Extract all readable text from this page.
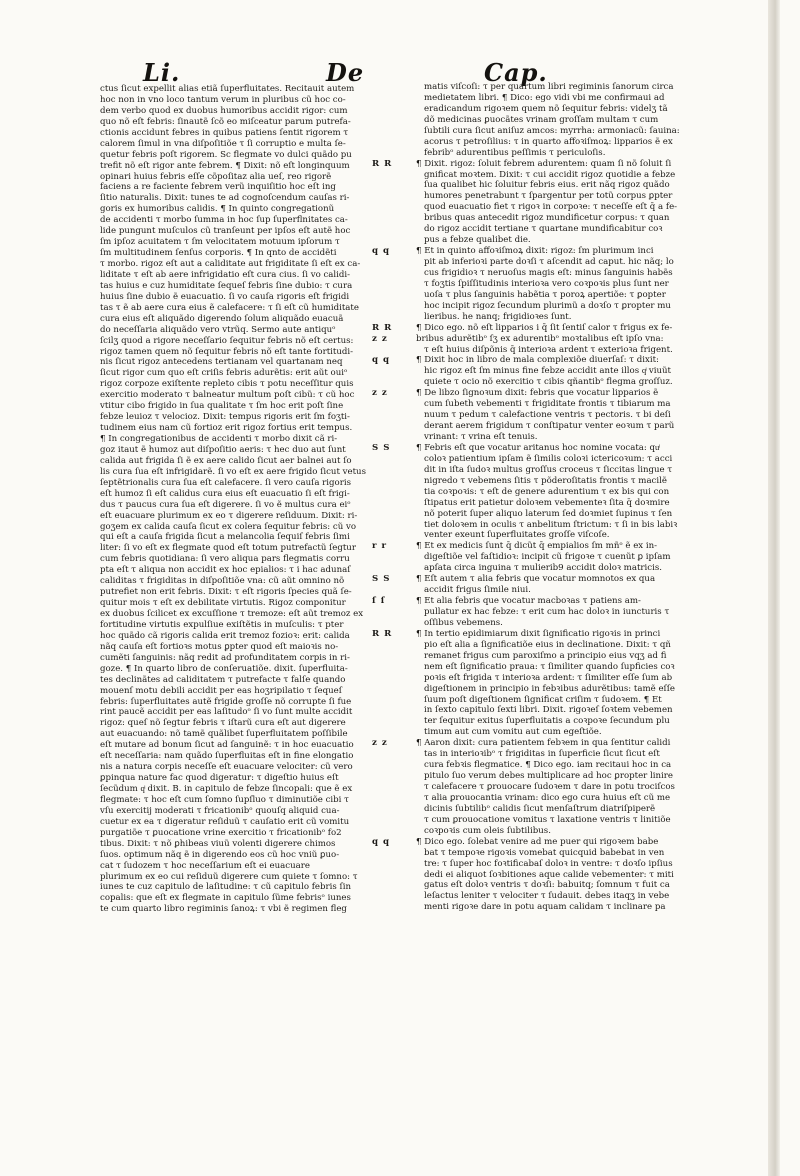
Li.	De	Cap.
ctus ſicut expellit alias etiã ſuperfluitates. Recitauit autem
hoc non in vno loco tantum verum in pluribus cũ hoc co-
dem verbo quod ex duobus humoribus accidit rigor: cum
quo nõ eſt febris: ſinautẽ ſcõ eo miſceatur parum putrefa-
ctionis accidunt febres in quibus patiens ſentit rigorem τ
calorem ſimul in vna diſpoſitiõe τ ſi corruptio e multa ſe-
quetur febris poſt rigorem. Sc flegmate vo dulci quãdo pu
trefit nõ eſt rigor ante febrem. ¶ Dixit: nõ eſt longinquum
opinari huius febris eſſe cõpoſitaz alia ueſ, reo rigorẽ
faciens a re faciente febrem verũ inquiſitio hoc eſt ing
ſitio naturalis. Dixit: tunes te ad cognoſcendum cauſas ri-
goris ex humoribus calidis. ¶ In quinto congregationũ
de accidenti τ morbo ſumma in hoc ſup ſuperflnitates ca-
lide pungunt muſculos cũ tranſeunt per ipſos eſt autẽ hoc
ſm ipſoz acuitatem τ ſm velocitatem motuum ipſorum τ
ſm multitudinem ſenſus corporis. ¶ In qnto de accidẽti
τ morbo. rigoz eſt aut a caliditate aut frigiditate ſi eſt ex ca-
liditate τ eſt ab aere infrigidatio eſt cura cius. ſi vo calidi-
tas huius e cuz humiditate ſequeſ febris ſine dubio: τ cura
huius ſine dubio ẽ euacuatio. ſi vo cauſa rigoris eſt frigidi
tas τ ẽ ab aere cura eius ẽ calefacere: τ ſi eſt cũ humiditate
cura eius eſt aliquãdo digerendo ſolum aliquãdo euacuã
do neceſſaria aliquãdo vero vtrũq. Sermo aute antiquᵒ
ſcilʒ quod a rigore neceſſario ſequitur febris nõ eſt certus:
rigoz tamen quem nõ ſequitur febris nõ eſt tante fortitudi-
nis ſicut rigoz antecedens tertianam vel quartanam neq
ſicut rigor cum quo eſt criſis febris adurẽtis: erit aũt ouiᵒ
rigoz corpoze exiſtente repleto cibis τ potu neceſſitur quis
exercitio moderato τ balneatur multum poſt cibũ: τ cũ hoc
vtitur cibo frigido in ſua qualitate τ ſm hoc erit poſt ſine
febze leuioz τ velocioz. Dixit: tempus rigoris erit ſm foʒti-
tudinem eius nam cũ fortioz erit rigoz fortius erit tempus.
¶ In congregationibus de accidenti τ morbo dixit cã ri-
goz itaut ẽ humoz aut diſpoſitio aeris: τ hec duo aut ſunt
calida aut frigida ſi ẽ ex aere calido ſicut aer balnei aut ſo
lis cura ſua eſt infrigidarẽ. ſi vo eſt ex aere frigido ſicut vetus
ſeptẽtrionalis cura ſua eſt calefacere. ſi vero cauſa rigoris
eſt humoz ſi eſt calidus cura eius eſt euacuatio ſi eſt frigi-
dus τ paucus cura ſua eſt digerere. ſi vo ẽ multus cura eiᵒ
eſt euacuare plurimum ex eo τ digerere reſiduum. Dixit: ri-
goʒem ex calida cauſa ſicut ex colera ſequitur febris: cũ vo
qui eſt a cauſa frigida ſicut a melancolia ſequiſ febris ſimi
liter: ſi vo eſt ex flegmate quod eſt totum putrefactũ ſegtur
cum febris quotidiana: ſi vero aliqua pars flegmatis corru
pta eſt τ aliqua non accidit ex hoc epialios: τ i hac adunaſ
caliditas τ frigiditas in diſpoſitiõe vna: cũ aũt omnino nõ
putrefiet non erit febris. Dixit: τ eſt rigoris ſpecies quã ſe-
quitur mois τ eſt ex debilitate virtutis. Rigoz componitur
ex duobus ſcilicet ex excuſſione τ tremoze: eſt aũt tremoz ex
fortitudine virtutis expulſiue exiſtẽtis in muſculis: τ pter
hoc quãdo cã rigoris calida erit tremoz fozioꝛ: erit: calida
nãq cauſa eſt fortioꝛs motus ꝑpter quod eſt maioꝛis no-
cumẽti ſanguinis: nãq redit ad profunditatem corpis in ri-
goze. ¶ In quarto libro de conſeruatiõe. dixit. ſuperfluita-
tes declinãtes ad caliditatem τ putrefacte τ falſe quando
mouenſ motu debili accidit per eas hoʒripilatio τ ſequeſ
febris: ſuperfluitates autẽ frigide groſſe nõ corrupte ſi fue
rint paucẽ accidit per eas laſitudoᵒ ſi vo ſunt multe accidit
rigoz: queſ nõ ſegtur febris τ iſtarũ cura eſt aut digerere
aut euacuando: nõ tamẽ quãlibet ſuperfluitatem poſſibile
eſt mutare ad bonum ſicut ad ſanguinẽ: τ in hoc euacuatio
eſt neceſſaria: nam quãdo ſuperfluitas eſt in fine elongatio
nis a natura corpis neceſſe eſt euacuare velociter: cũ vero
ꝑpinqua nature fac quod digeratur: τ digeſtio huius eſt
ſecũdum qͥ dixit. B. in capitulo de febze ſincopali: que ẽ ex
flegmate: τ hoc eſt cum ſomno ſupſluo τ diminutiõe cibi τ
vſu exercitij moderati τ fricationibᵒ quouſq aliquid cua-
cuetur ex ea τ digeratur reſiduũ τ cauſatio erit cũ vomitu
purgatiõe τ ꝑuocatione vrine exercitio τ fricationibᵒ fo2
tibus. Dixit: τ nõ ꝑhibeas viuũ volenti digerere chimos
ſuos. optimum nãq ẽ in digerendo eos cũ hoc vniũ ꝑuo-
cat τ ſudozem τ hoc neceſſarium eſt ei euacuare
plurimum ex eo cui reſiduũ digerere cum quiete τ ſomno: τ
iunes te cuz capitulo de laſitudine: τ cũ capitulo febris ſin
copalis: que eſt ex flegmate in capitulo ſũme febrisᵒ iunes
te cum quarto libro regiminis ſanoꝝ: τ vbi ẽ regimen fleg
matis viſcoſi: τ per quartum libri regiminis ſanorum circa
medietatem libri. ¶ Dico: ego vidi vbi me confirmaui ad
eradicandum rigoꝛem quem nõ ſequitur febris: videlʒ tã
dõ medicinas ꝑuocãtes vrinam groſſam multam τ cum
ſubtili cura ſicut aniſuz amcos: myrrha: armoniacũ: ſauina:
acorus τ petroſilius: τ in quarto affoꝛiſmoꝝ: lipparios ẽ ex
febribᵒ adurentibus peſſimis τ periculoſis.
R R	¶ Dixit. rigoz: ſoluit febrem adurentem: quam ſi nõ ſoluit ſi
gnificat moꝛtem. Dixit: τ cui accidit rigoz quotidie a febze
ſua qualibet hic ſoluitur febris eius. erit nãq rigoz quãdo
humores penetrabunt τ ſpargentur per totũ corpus ꝑpter
quod euacuatio fiet τ rigoꝛ in corpoꝛe: τ neceſſe eſt q̄ a fe-
bribus quas antecedit rigoz mundificetur corpus: τ quan
do rigoz accidit tertiane τ quartane mundificabitur coꝛ
pus a febze qualibet die.
q q	¶ Et in quinto affoꝛiſmoꝝ dixit: rigoz: ſm plurimum inci
pit ab inferioꝛi parte doꝛſi τ aſcendit ad caput. hic nãq; lo
cus frigidioꝛ τ neruoſus magis eſt: minus ſanguinis habẽs
τ foʒtis ſpiſſitudinis interioꝛa vero coꝛpoꝛis plus ſunt ner
uoſa τ plus ſanguinis habẽtia τ poroꝝ apertiõe: τ ꝑopter
hoc incipit rigoz ſecundum plurimũ a doꝛſo τ ꝑropter mu
lieribus. he nanq; frigidioꝛes ſunt.
R R	¶ Dico ego. nõ eſt lipparios i q̄ ſit ſentiſ calor τ frigus ex fe-
z z	bribus adurẽtibᵒ ſʒ ex adurentibᵒ moꝛtalibus eſt ipſo vna:
τ eſt huius diſpõnis q̄ interioꝛa ardent τ exterioꝛa frigent.
q q	¶ Dixit hoc in libro de mala complexiõe diuerſaſ: τ dixit:
hic rigoz eſt ſm minus fine febze accidit ante illos qͥ viuũt
quiete τ ocio nõ exercitio τ cibis qñantibᵒ flegma groſſuz.
z z	¶ De libzo ſignoꝛum dixit: febris que vocatur lipparios ẽ
cum ſubeth vebementi τ frigiditate frontis τ tibiarum ma
nuum τ pedum τ calefactione ventris τ pectoris. τ bi deſi
derant aerem frigidum τ conſtipatur venter eoꝛum τ parũ
vrinant: τ vrina eſt tenuis.
S S	¶ Febris eſt que vocatur aritanus hoc nomine vocata: quͥ
coloꝛ patientium ipſam ẽ ſimilis coloꝛi ictericoꝛum: τ acci
dit in iſta ſudoꝛ multus groſſus croceus τ ſiccitas lingue τ
nigredo τ vebemens ſitis τ põderoſitatis frontis τ macilẽ
tia coꝛpoꝛis: τ eſt de genere adurentium τ ex bis qui con
ſtipatus erit patietur doloꝛem vebementeꝛ ſita q̄ doꝛmire
nõ poterit ſuper aliquo laterum ſed doꝛmiet ſupinus τ ſen
tiet doloꝛem in oculis τ anbelitum ſtrictum: τ ſi in bis labiꝛ
venter exeunt ſuperfluitates groſſe viſcoſe.
r r	¶ Et ex medicis ſunt q̄ dicũt q̄ empialios ſm mñᵒ ẽ ex in-
digeſtiõe vel faſtidioꝛ: incipit cũ frigoꝛe τ cuenũt ꝑ ipſam
apſata circa inguina τ mulierib9 accidit doloꝛ matricis.
S S	¶ Eſt autem τ alia febris que vocatur momnotos ex qua
accidit frigus ſimile niui.
ſ ſ	¶ Et alia febris que vocatur macboꝛas τ patiens am-
pullatur ex hac febze: τ erit cum hac doloꝛ in iuncturis τ
oſſibus vebemens.
R R	¶ In tertio epidimiarum dixit ſignificatio rigoꝛis in princi
pio eſt alia a ſignificatiõe eius in declinatione. Dixit: τ qñ
remanet frigus cum paroxiſmo a principio eius vqʒ ad fi
nem eſt ſignificatio praua: τ ſimiliter quando ſupficies coꝛ
poꝛis eſt frigida τ interioꝛa ardent: τ ſimiliter eſſe ſum ab
digeſtionem in principio in febꝛibus adurẽtibus: tamẽ eſſe
ſuum poſt digeſtionem ſignificat criſim τ ſudoꝛem. ¶ Et
in ſexto capitulo ſexti libri. Dixit. rigoꝛeſ ſoꝛtem vebemen
ter ſequitur exitus ſuperfluitatis a coꝛpoꝛe ſecundum plu
timum aut cum vomitu aut cum egeſtiõe.
z z	¶ Aaron dixit: cura patientem febꝛem in qua ſentitur calidi
tas in interioꝛibᵒ τ frigiditas in ſuperficie ſicut ſicut eſt
cura febꝛis flegmatice. ¶ Dico ego. iam recitaui hoc in ca
pitulo ſuo verum debes multiplicare ad hoc ꝑropter linire
τ calefacere τ ꝑrouocare ſudoꝛem τ dare in potu trociſcos
τ alia ꝑrouocantia vrinam: dico ego cura huius eſt cũ me
dicinis ſubtilibᵒ calidis ſicut menſaſtrum diatriſpiperẽ
τ cum ꝑrouocatione vomitus τ laxatione ventris τ linitiõe
coꝛpoꝛis cum oleis ſubtilibus.
q q	¶ Dico ego. ſolebat venire ad me puer qui rigoꝛem babe
bat τ tempoꝛe rigoꝛis vomebat quicquid babebat in ven
tre: τ ſuper hoc foꝛtificabaſ doloꝛ in ventre: τ doꝛſo ipſius
dedi ei aliquot ſoꝛbitiones aque calide vebementer: τ miti
gatus eſt doloꝛ ventris τ doꝛſi: babuitq; ſomnum τ fuit ca
leſactus leniter τ velociter τ ſudauit. debes itaqʒ in vebe
menti rigoꝛe dare in potu aquam calidam τ inclinare pa
